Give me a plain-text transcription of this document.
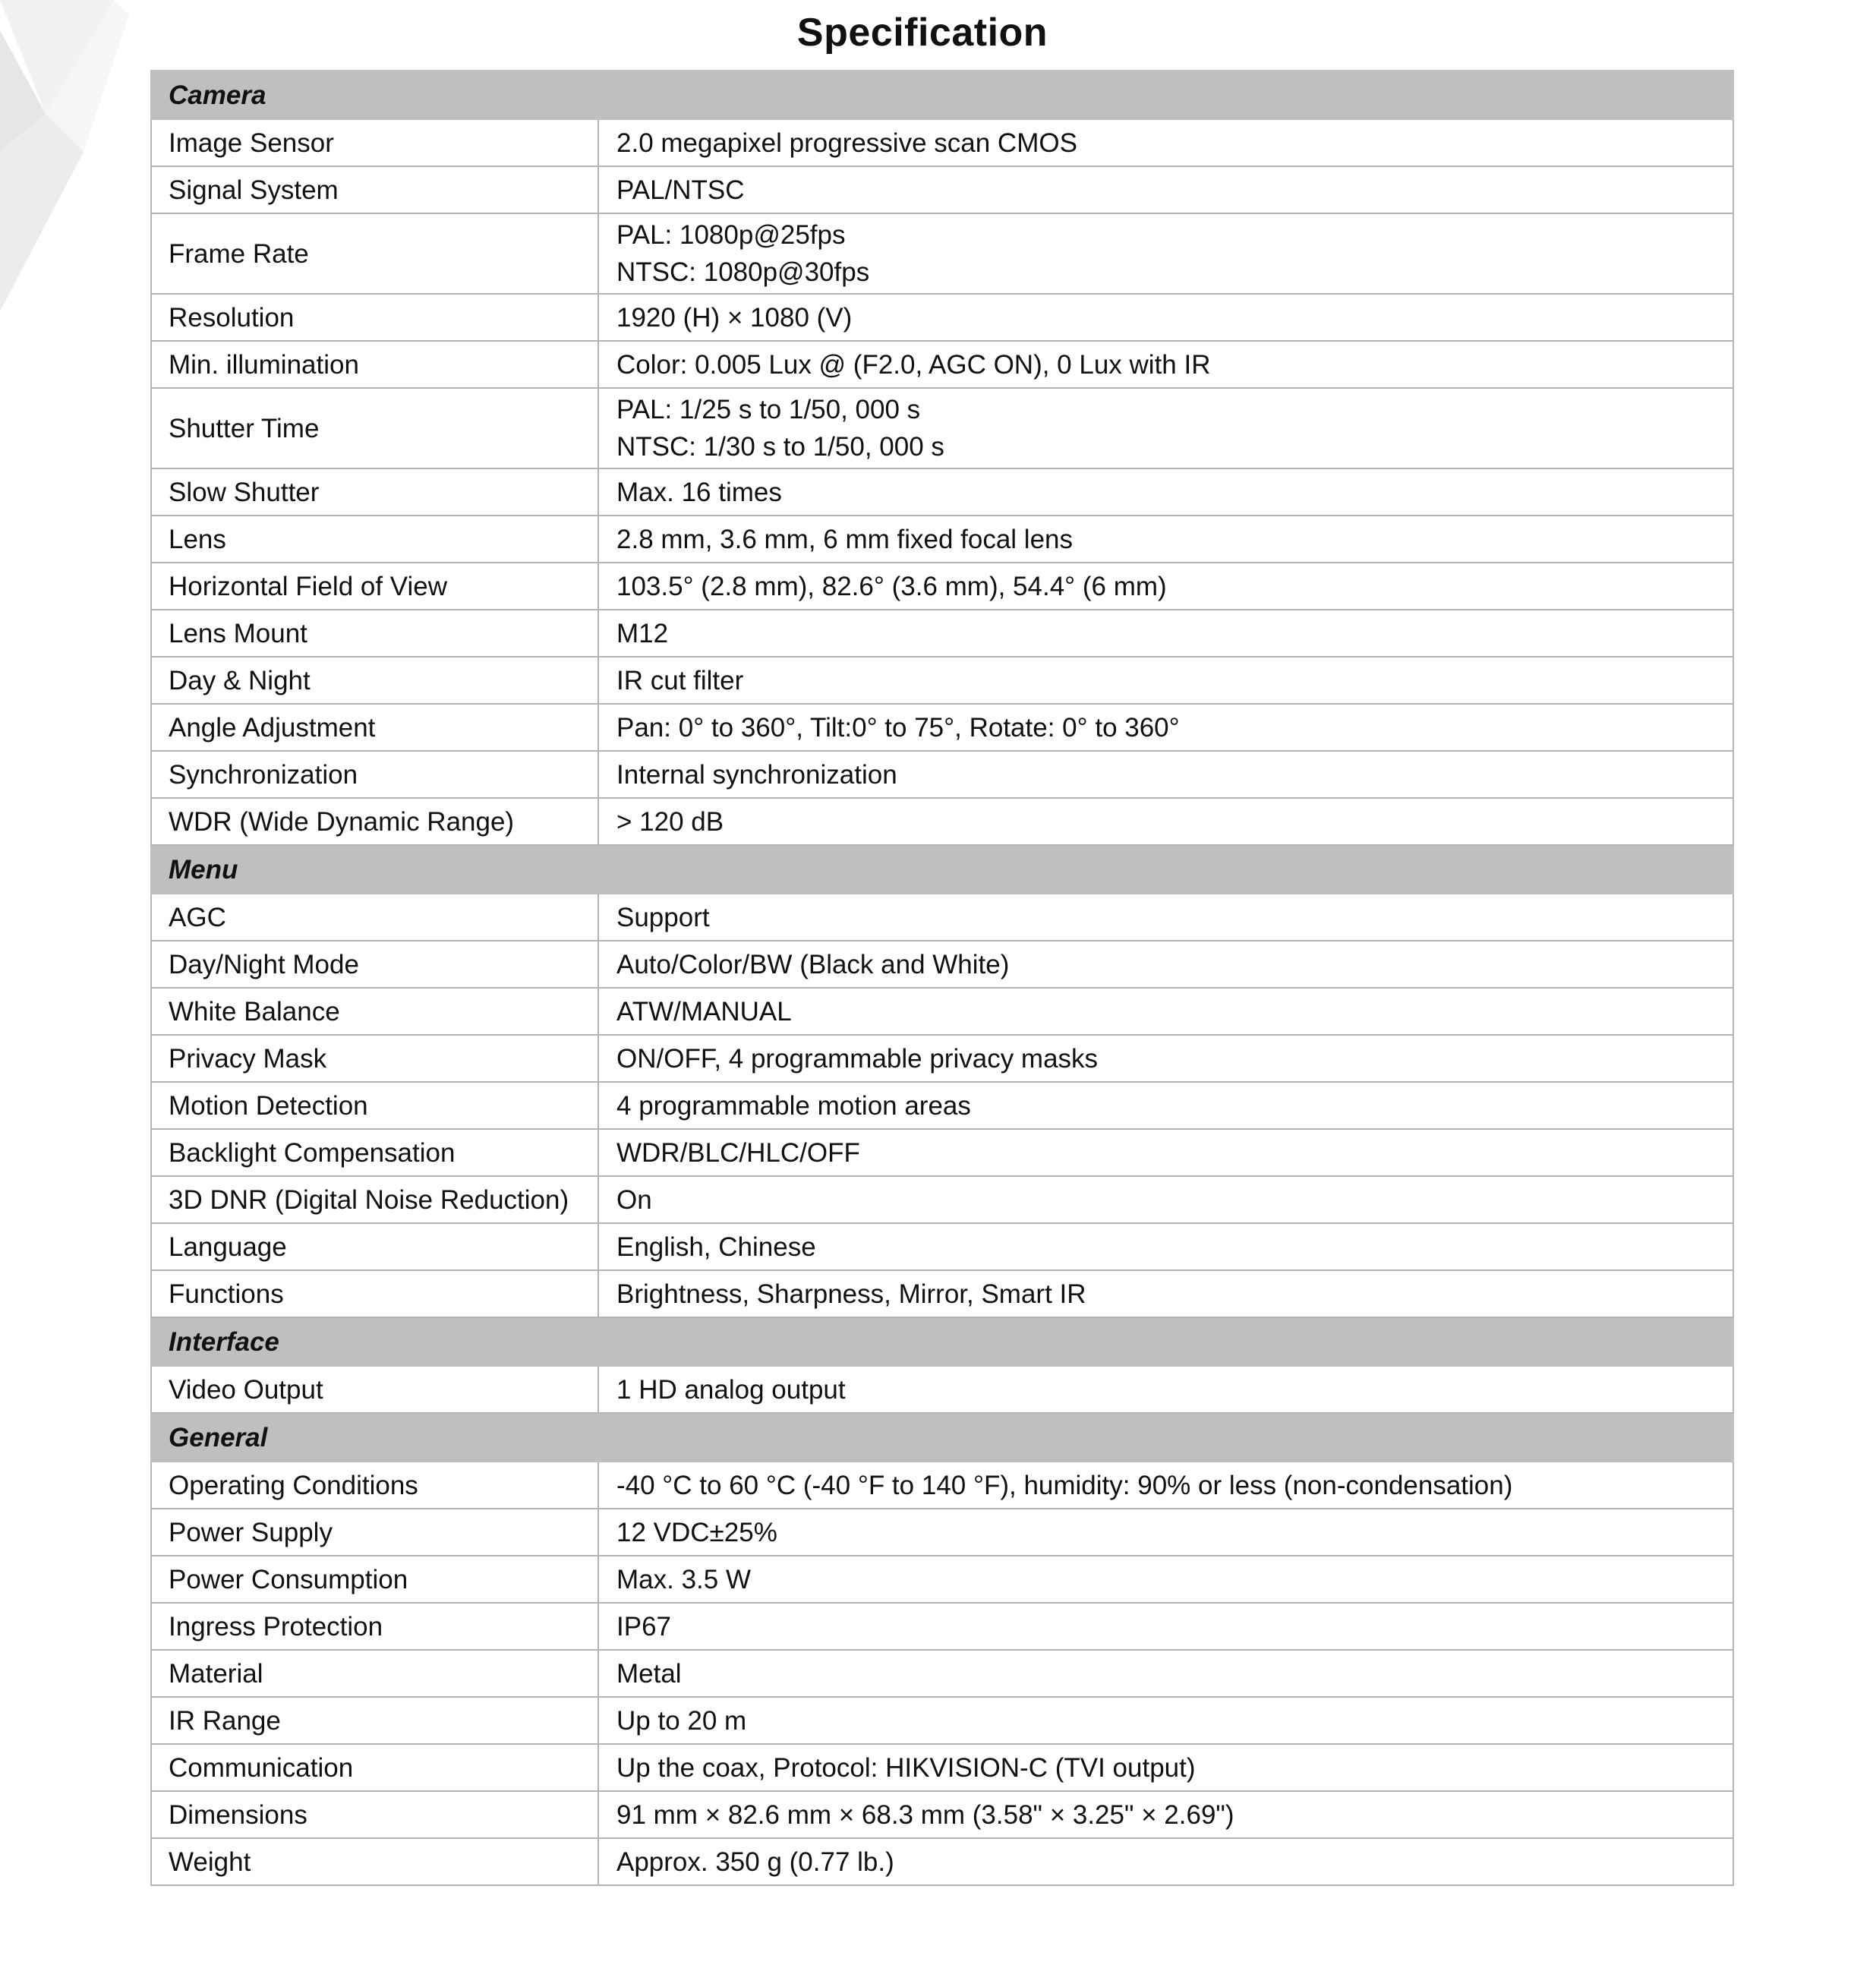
Specification
Camera	
Image Sensor	2.0 megapixel progressive scan CMOS

Signal System	PAL/NTSC

Frame Rate	PAL: 1080p@25fps
NTSC: 1080p@30fps

Resolution	1920 (H) × 1080 (V)

Min. illumination	Color: 0.005 Lux @ (F2.0, AGC ON), 0 Lux with IR

Shutter Time	PAL: 1/25 s to 1/50, 000 s
NTSC: 1/30 s to 1/50, 000 s

Slow Shutter	Max. 16 times

Lens	2.8 mm, 3.6 mm, 6 mm fixed focal lens

Horizontal Field of View	103.5° (2.8 mm), 82.6° (3.6 mm), 54.4° (6 mm)

Lens Mount	M12

Day & Night	IR cut filter

Angle Adjustment	Pan: 0° to 360°, Tilt:0° to 75°, Rotate: 0° to 360°

Synchronization	Internal synchronization

WDR (Wide Dynamic Range)	> 120 dB

Menu	
AGC	Support

Day/Night Mode	Auto/Color/BW (Black and White)

White Balance	ATW/MANUAL

Privacy Mask	ON/OFF, 4 programmable privacy masks

Motion Detection	4 programmable motion areas

Backlight Compensation	WDR/BLC/HLC/OFF

3D DNR (Digital Noise Reduction)	On

Language	English, Chinese

Functions	Brightness, Sharpness, Mirror, Smart IR

Interface	
Video Output	1 HD analog output

General	
Operating Conditions	-40 °C to 60 °C (-40 °F to 140 °F), humidity: 90% or less (non-condensation)

Power Supply	12 VDC±25%

Power Consumption	Max. 3.5 W

Ingress Protection	IP67

Material	Metal

IR Range	Up to 20 m

Communication	Up the coax, Protocol: HIKVISION-C (TVI output)

Dimensions	91 mm × 82.6 mm × 68.3 mm (3.58" × 3.25" × 2.69")

Weight	Approx. 350 g (0.77 lb.)
